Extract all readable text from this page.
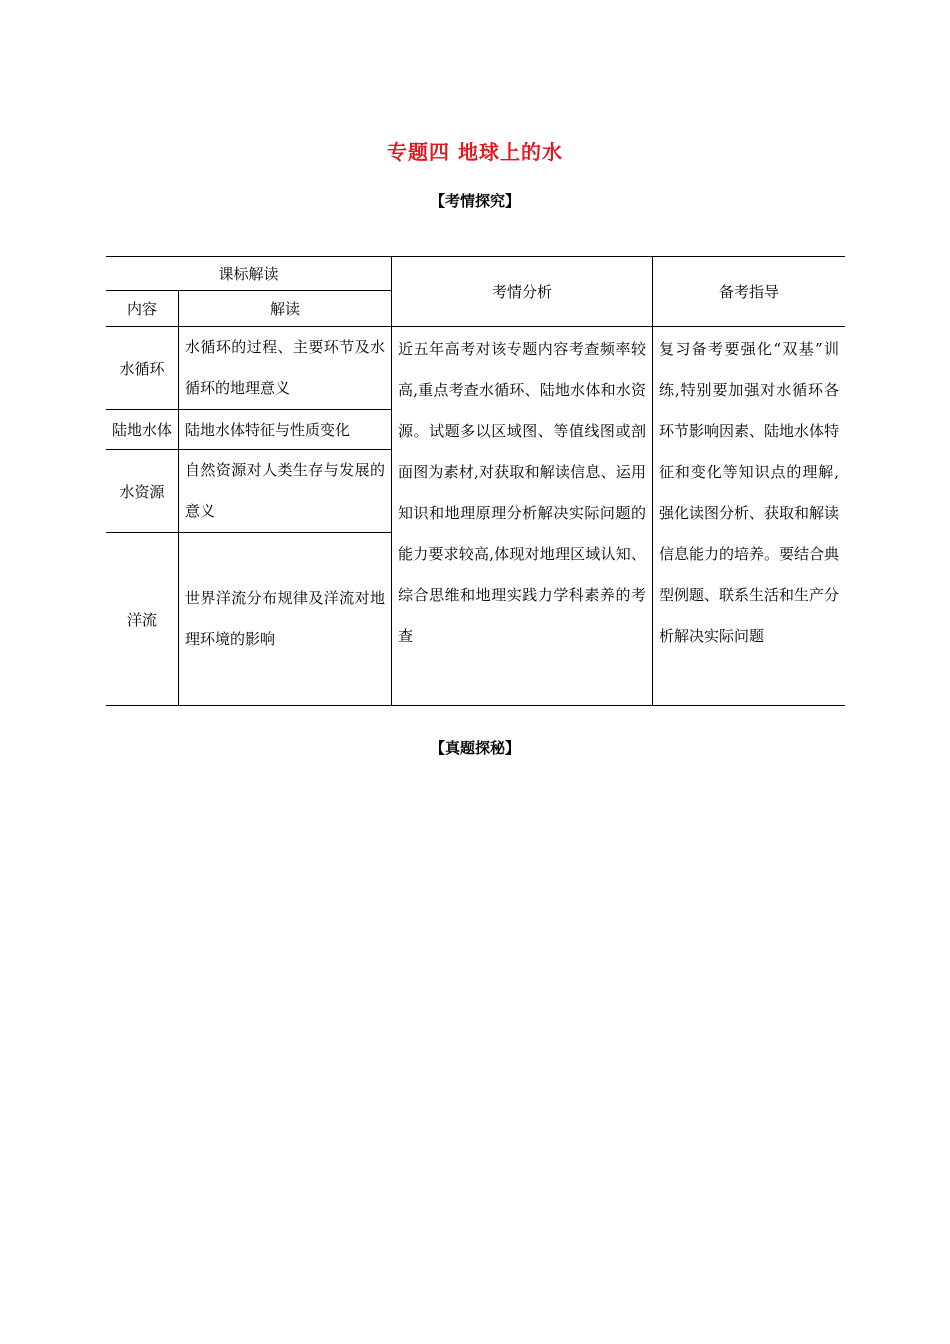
专题四 地球上的水
【考情探究】
课标解读		考情分析	备考指导
内容	解读		
水循环	水循环的过程、主要环节及水循环的地理意义	近五年高考对该专题内容考查频率较高,重点考查水循环、陆地水体和水资源。试题多以区域图、等值线图或剖面图为素材,对获取和解读信息、运用知识和地理原理分析解决实际问题的能力要求较高,体现对地理区域认知、综合思维和地理实践力学科素养的考查	复习备考要强化“双基”训练,特别要加强对水循环各环节影响因素、陆地水体特征和变化等知识点的理解,强化读图分析、获取和解读信息能力的培养。要结合典型例题、联系生活和生产分析解决实际问题
陆地水体	陆地水体特征与性质变化		
水资源	自然资源对人类生存与发展的意义		
洋流	世界洋流分布规律及洋流对地理环境的影响		
【真题探秘】
